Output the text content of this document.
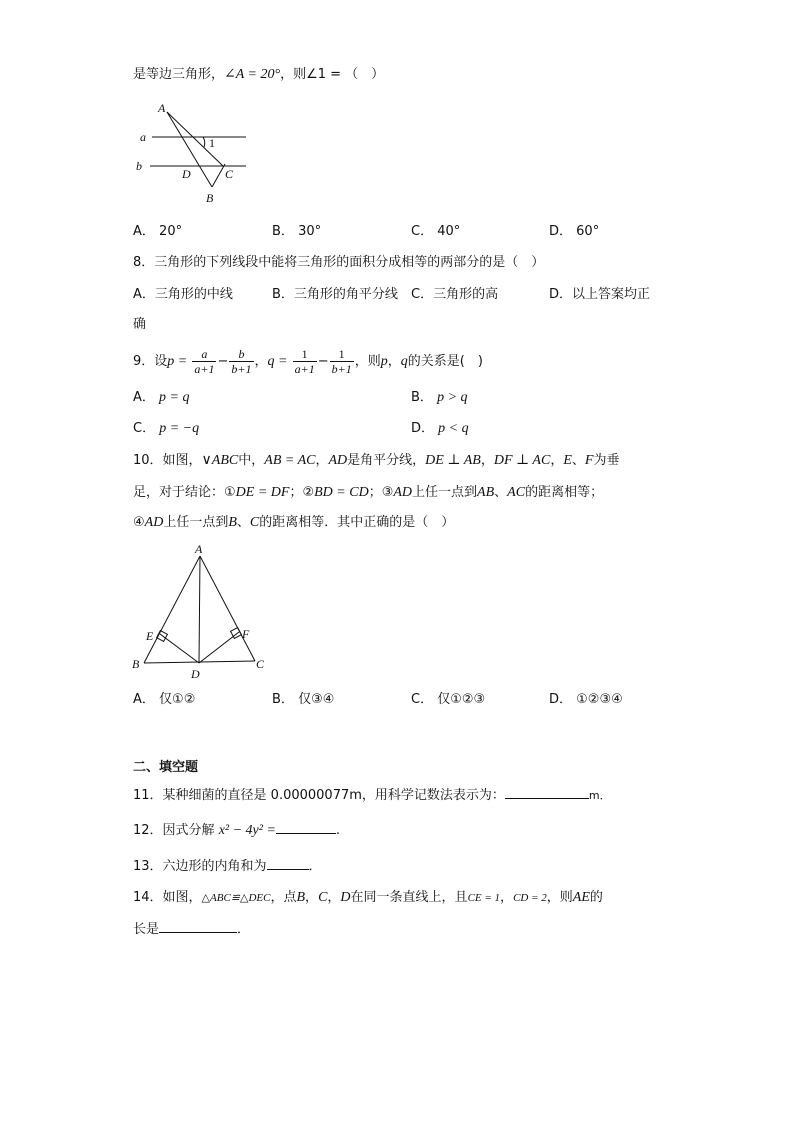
是等边三角形，∠A = 20°，则∠1 = （　）
A
a	1
b
D	C
B
A． 20°	B． 30°	C． 40°	D． 60°
8．三角形的下列线段中能将三角形的面积分成相等的两部分的是（　）
A．三角形的中线	B．三角形的角平分线 C．三角形的高	D．以上答案均正
确
9．设$p = \frac{a}{a+1} - \frac{b}{b+1}$ ，$q = \frac{1}{a+1} - \frac{1}{b+1}$ ，则p，q的关系是(　)
A． p = q	B． p > q
C． p = −q	D． p < q
10．如图，∨ABC中，AB = AC，AD是角平分线，DE ⊥ AB，DF ⊥ AC，E、F为垂
足，对于结论：①DE = DF；②BD = CD；③AD上任一点到AB、AC的距离相等；
④AD上任一点到B、C的距离相等．其中正确的是（　）
A
E	F
B
D
C
A． 仅①②	B． 仅③④	C． 仅①②③	D． ①②③④
二、填空题
11．某种细菌的直径是 0.00000077m，用科学记数法表示为：	m．
12．因式分解 x² − 4y² =	.
13．六边形的内角和为	．
14．如图，△ABC≌△DEC，点B，C，D在同一条直线上，且CE = 1，CD = 2，则AE的
长是	．
